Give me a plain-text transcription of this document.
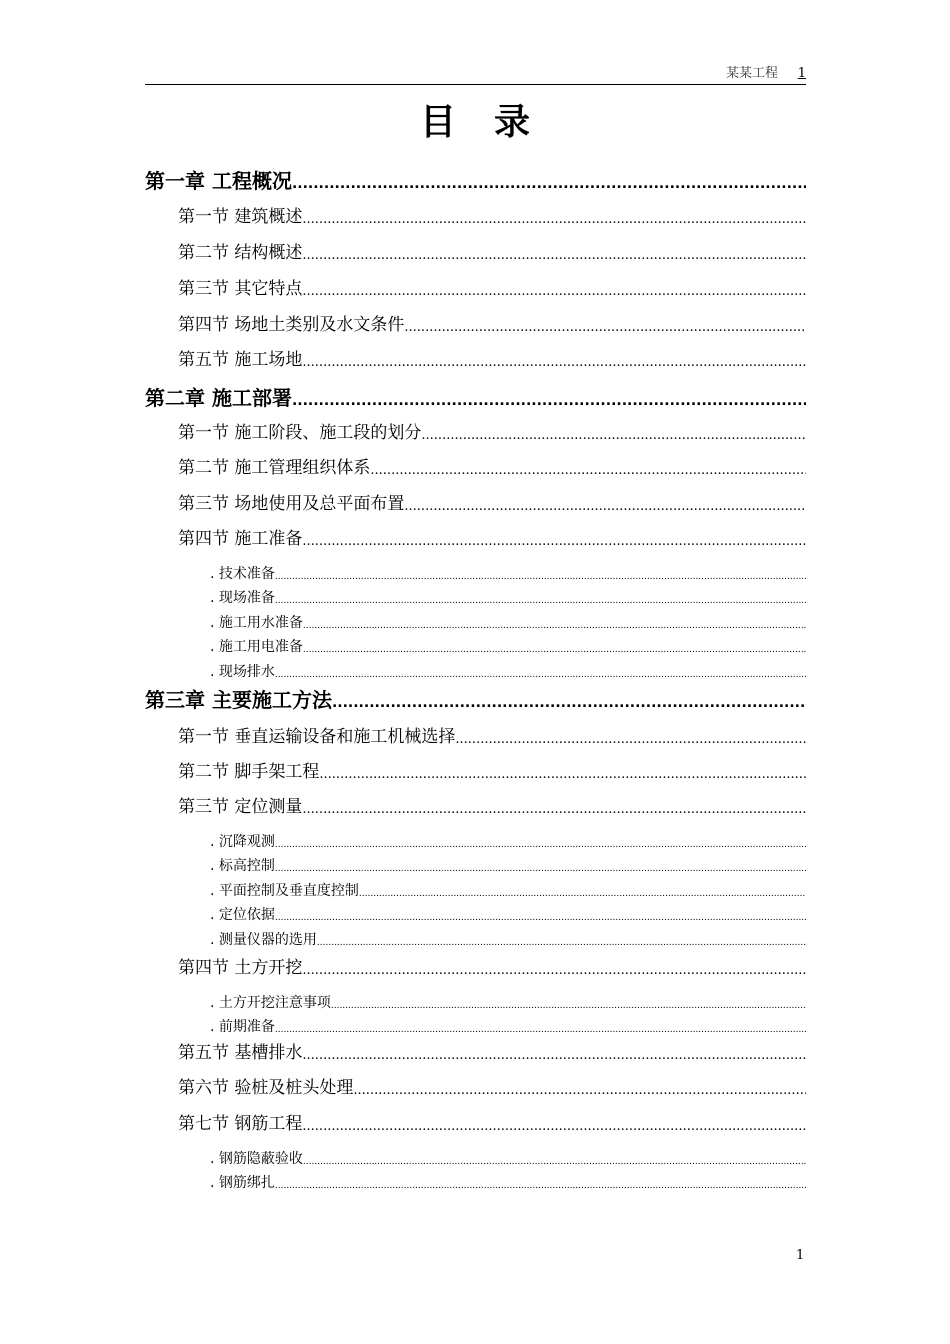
某某工程 1
目录
第一章 工程概况
.....
第一节 建筑概述
.....
第二节 结构概述
.....
第三节 其它特点
.....
第四节 场地土类别及水文条件
.....
第五节 施工场地
.....
第二章 施工部署
.....
第一节 施工阶段、施工段的划分
.....
第二节 施工管理组织体系
.....
第三节 场地使用及总平面布置
.....
第四节 施工准备
.....
. 技术准备
.....
. 现场准备
.....
. 施工用水准备
.....
. 施工用电准备
.....
. 现场排水
.....
第三章 主要施工方法
.....
第一节 垂直运输设备和施工机械选择
.....
第二节 脚手架工程
.....
第三节 定位测量
.....
. 沉降观测
.....
. 标高控制
.....
. 平面控制及垂直度控制
.....
. 定位依据
.....
. 测量仪器的选用
.....
第四节 土方开挖
.....
. 土方开挖注意事项
.....
. 前期准备
.....
第五节 基槽排水
.....
第六节 验桩及桩头处理
.....
第七节 钢筋工程
.....
. 钢筋隐蔽验收
.....
. 钢筋绑扎
.....
1
